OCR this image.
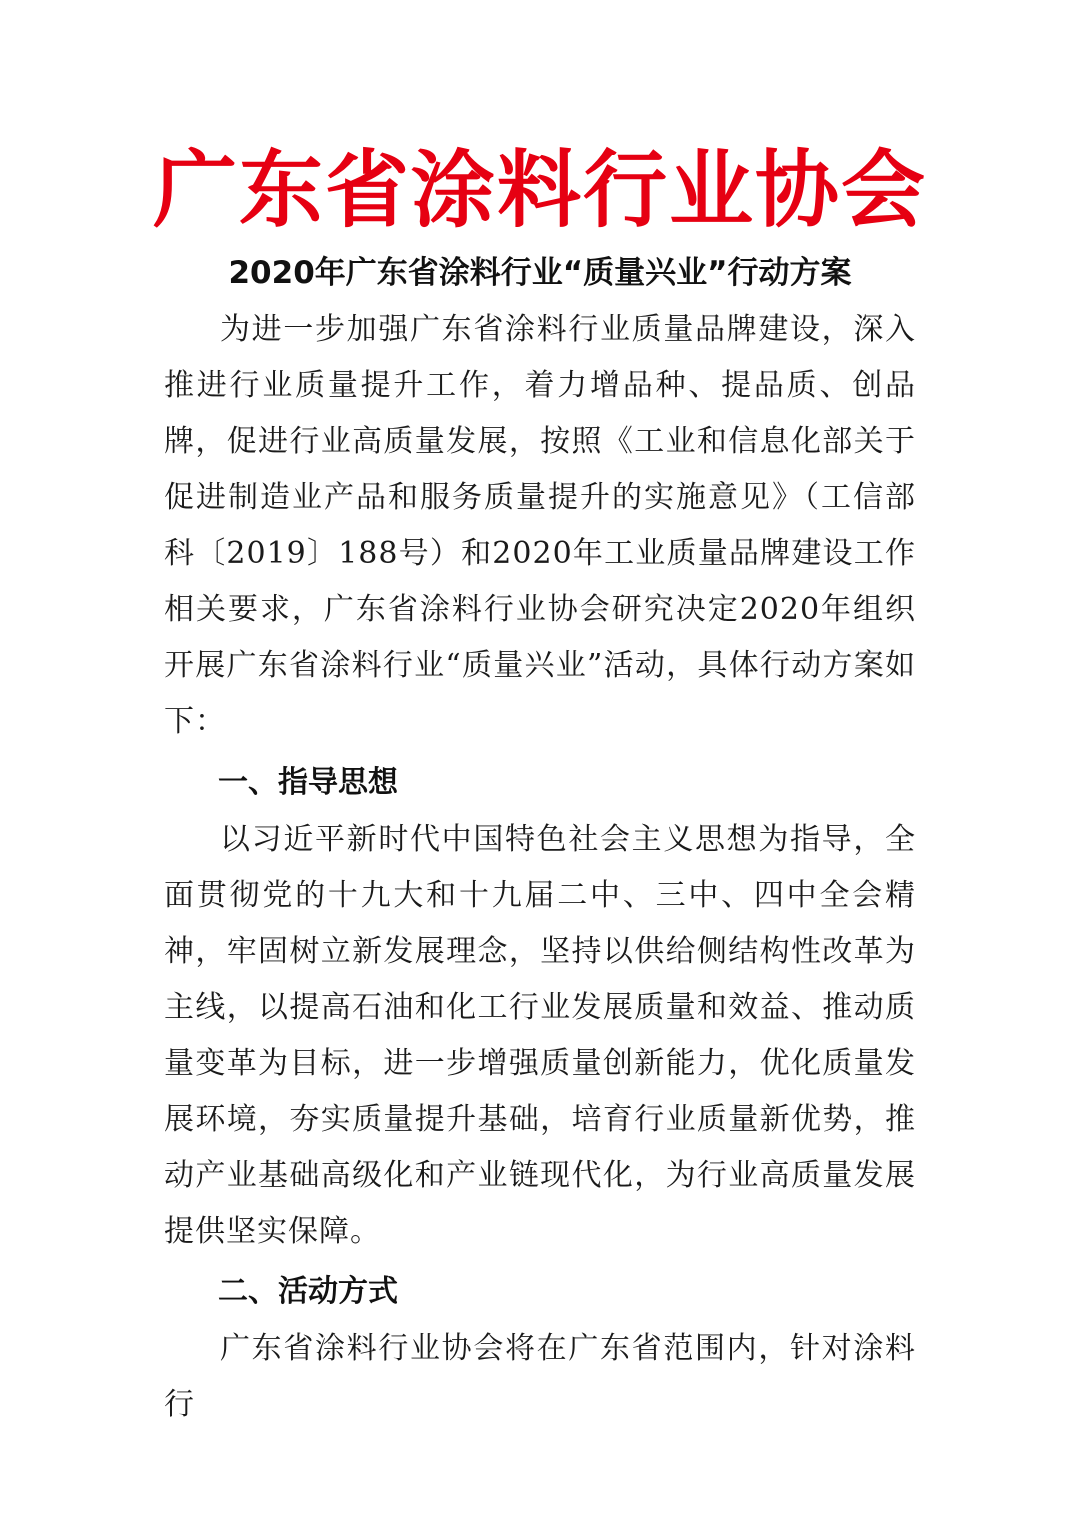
广东省涂料行业协会
2020年广东省涂料行业“质量兴业”行动方案

为进一步加强广东省涂料行业质量品牌建设，深入推进行业质量提升工作，着力增品种、提品质、创品牌，促进行业高质量发展，按照《工业和信息化部关于促进制造业产品和服务质量提升的实施意见》（工信部科〔2019〕188号）和2020年工业质量品牌建设工作相关要求，广东省涂料行业协会研究决定2020年组织开展广东省涂料行业“质量兴业”活动，具体行动方案如下：

一、指导思想

以习近平新时代中国特色社会主义思想为指导，全面贯彻党的十九大和十九届二中、三中、四中全会精神，牢固树立新发展理念，坚持以供给侧结构性改革为主线，以提高石油和化工行业发展质量和效益、推动质量变革为目标，进一步增强质量创新能力，优化质量发展环境，夯实质量提升基础，培育行业质量新优势，推动产业基础高级化和产业链现代化，为行业高质量发展提供坚实保障。

二、活动方式

广东省涂料行业协会将在广东省范围内，针对涂料行
